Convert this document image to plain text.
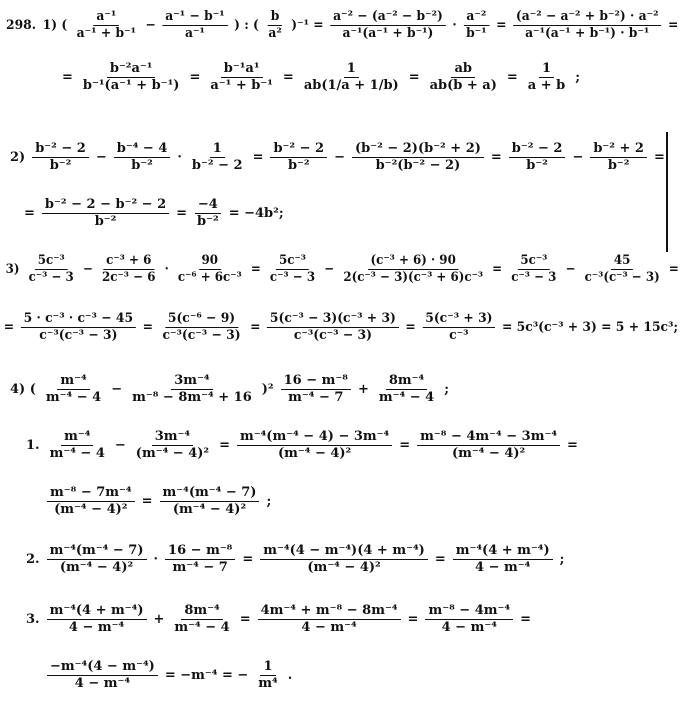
298. 1) ( $\frac{\text{a⁻¹}}{\text{a⁻¹ + b⁻¹}} - \frac{\text{a⁻¹ − b⁻¹}}{\text{a⁻¹}}$ ) : ( $\frac{b}{\text{a²}} )^{-1} = \frac{\text{a⁻² − (a⁻² − b⁻²)}}{\text{a⁻¹(a⁻¹ + b⁻¹)}} \cdot \frac{\text{a⁻²}}{\text{b⁻¹}} = \frac{\text{(a⁻² − a⁻² + b⁻²) · a⁻²}}{\text{a⁻¹(a⁻¹ + b⁻¹) · b⁻¹}}$ =
= $\frac{\text{b⁻²a⁻¹}}{\text{b⁻¹(a⁻¹ + b⁻¹)}} = \frac{\text{b⁻¹a¹}}{\text{a⁻¹ + b⁻¹}} = \frac{1}{ab(1/a + 1/b)} = \frac{ab}{ab(b + a)} = \frac{1}{a + b}$ ;
$2) \frac{\text{b⁻² − 2}}{\text{b⁻²}} - \frac{\text{b⁻⁴ − 4}}{\text{b⁻²}} \cdot \frac{1}{\text{b⁻² − 2}} = \frac{\text{b⁻² − 2}}{\text{b⁻²}} - \frac{\text{(b⁻² − 2)(b⁻² + 2)}}{\text{b⁻²(b⁻² − 2)}} = \frac{\text{b⁻² − 2}}{\text{b⁻²}} - \frac{\text{b⁻² + 2}}{\text{b⁻²}}$ =
= $\frac{\text{b⁻² − 2 − b⁻² − 2}}{\text{b⁻²}} = \frac{-4}{\text{b⁻²}} = -4b^2$;
$3) \frac{\text{5c⁻³}}{\text{c⁻³ − 3}} - \frac{\text{c⁻³ + 6}}{\text{2c⁻³ − 6}} \cdot \frac{90}{\text{c⁻⁶ + 6c⁻³}} = \frac{\text{5c⁻³}}{\text{c⁻³ − 3}} - \frac{\text{(c⁻³ + 6) · 90}}{\text{2(c⁻³ − 3)(c⁻³ + 6)c⁻³}} = \frac{\text{5c⁻³}}{\text{c⁻³ − 3}} - \frac{45}{\text{c⁻³(c⁻³ − 3)}}$ =
= $\frac{\text{5 · c⁻³ · c⁻³ − 45}}{\text{c⁻³(c⁻³ − 3)}} = \frac{\text{5(c⁻⁶ − 9)}}{\text{c⁻³(c⁻³ − 3)}} = \frac{\text{5(c⁻³ − 3)(c⁻³ + 3)}}{\text{c⁻³(c⁻³ − 3)}} = \frac{\text{5(c⁻³ + 3)}}{\text{c⁻³}} = 5c^3(c^{-3} + 3) = 5 + 15c^3$;
4) ( $\frac{\text{m⁻⁴}}{\text{m⁻⁴ − 4}} - \frac{\text{3m⁻⁴}}{\text{m⁻⁸ − 8m⁻⁴ + 16}} )^2 \frac{\text{16 − m⁻⁸}}{\text{m⁻⁴ − 7}} + \frac{\text{8m⁻⁴}}{\text{m⁻⁴ − 4}}$ ;
1. $\frac{\text{m⁻⁴}}{\text{m⁻⁴ − 4}} - \frac{\text{3m⁻⁴}}{\text{(m⁻⁴ − 4)²}} = \frac{\text{m⁻⁴(m⁻⁴ − 4) − 3m⁻⁴}}{\text{(m⁻⁴ − 4)²}} = \frac{\text{m⁻⁸ − 4m⁻⁴ − 3m⁻⁴}}{\text{(m⁻⁴ − 4)²}}$ =
$\frac{\text{m⁻⁸ − 7m⁻⁴}}{\text{(m⁻⁴ − 4)²}} = \frac{\text{m⁻⁴(m⁻⁴ − 7)}}{\text{(m⁻⁴ − 4)²}}$ ;
2. $\frac{\text{m⁻⁴(m⁻⁴ − 7)}}{\text{(m⁻⁴ − 4)²}} \cdot \frac{\text{16 − m⁻⁸}}{\text{m⁻⁴ − 7}} = \frac{\text{m⁻⁴(4 − m⁻⁴)(4 + m⁻⁴)}}{\text{(m⁻⁴ − 4)²}} = \frac{\text{m⁻⁴(4 + m⁻⁴)}}{\text{4 − m⁻⁴}}$ ;
3. $\frac{\text{m⁻⁴(4 + m⁻⁴)}}{\text{4 − m⁻⁴}} + \frac{\text{8m⁻⁴}}{\text{m⁻⁴ − 4}} = \frac{\text{4m⁻⁴ + m⁻⁸ − 8m⁻⁴}}{\text{4 − m⁻⁴}} = \frac{\text{m⁻⁸ − 4m⁻⁴}}{\text{4 − m⁻⁴}}$ =
$\frac{\text{−m⁻⁴(4 − m⁻⁴)}}{\text{4 − m⁻⁴}} = -m^{-4}$ = − $\frac{1}{\text{m⁴}}$ .
